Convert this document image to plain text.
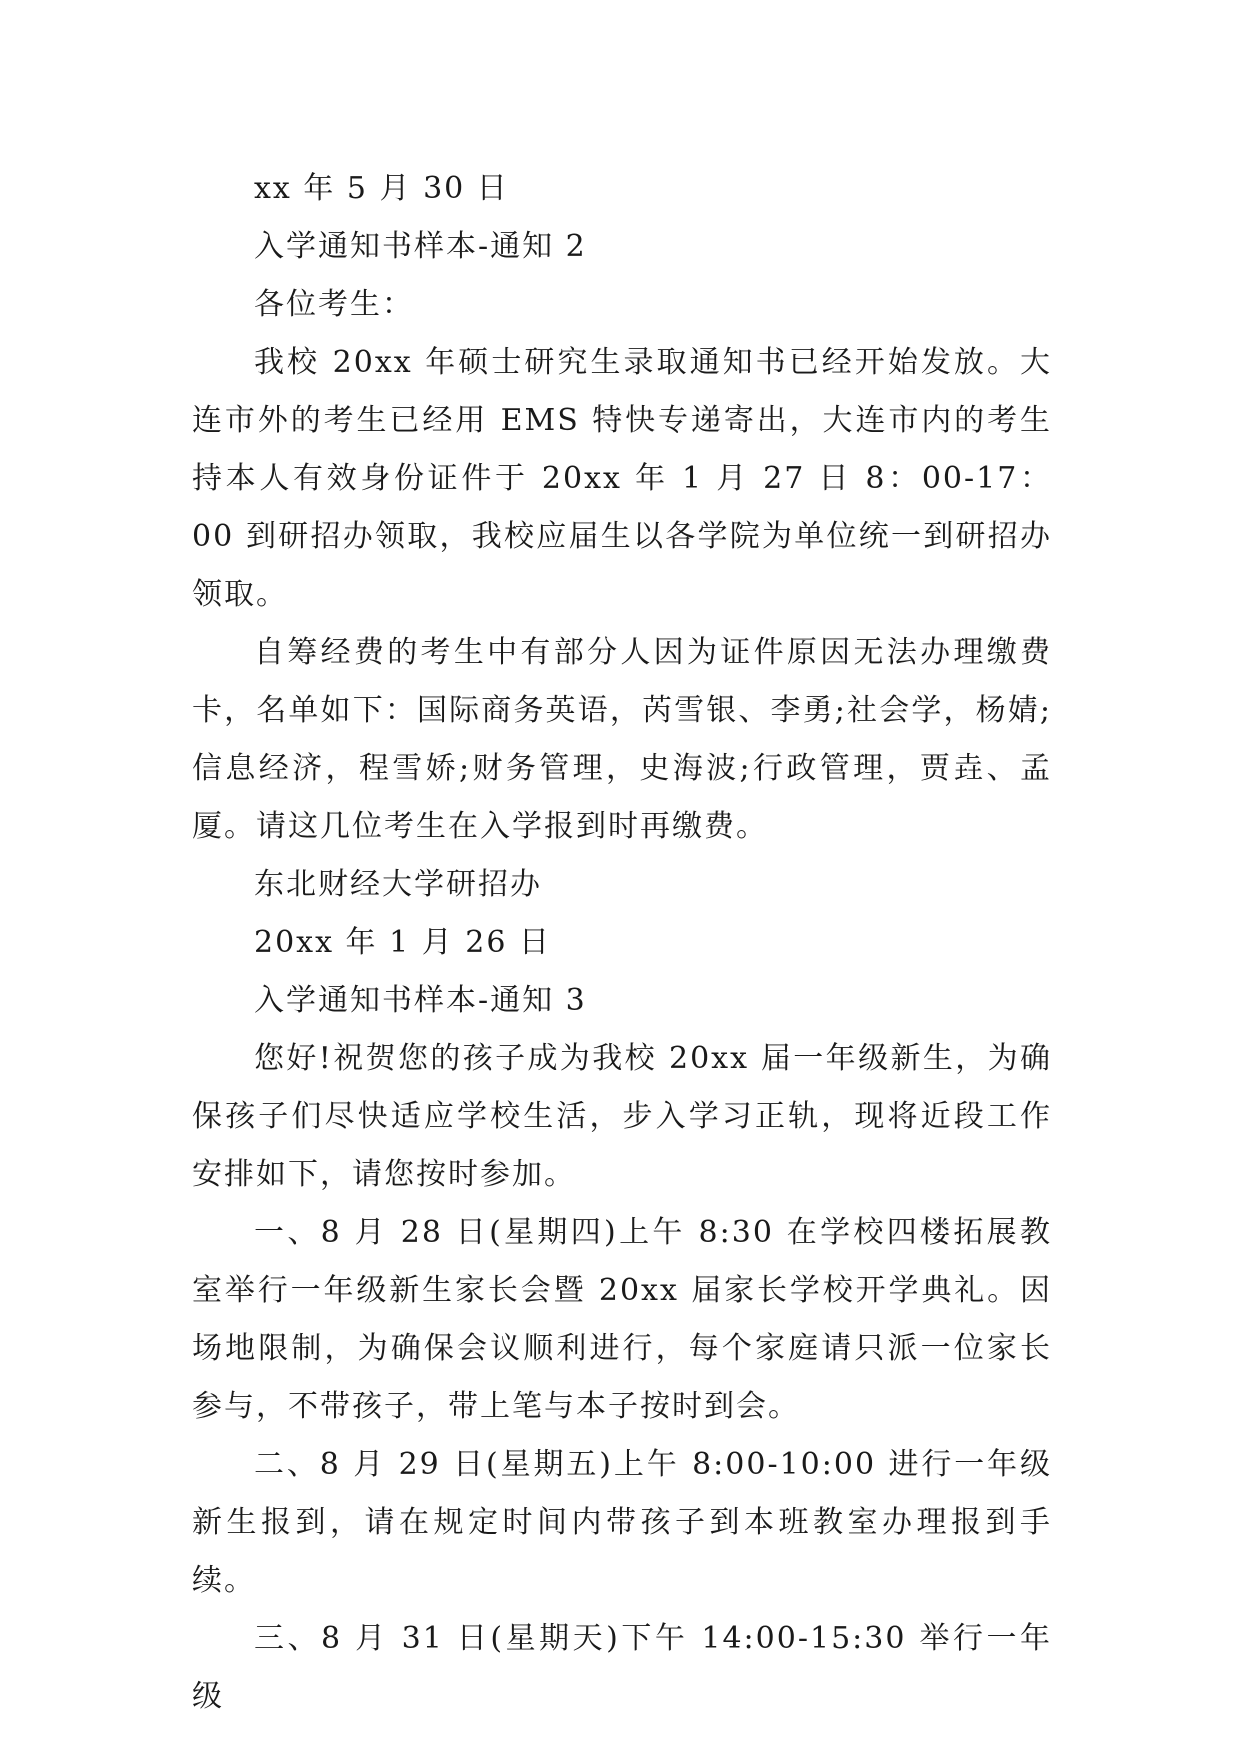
xx 年 5 月 30 日

入学通知书样本-通知 2

各位考生：

我校 20xx 年硕士研究生录取通知书已经开始发放。大连市外的考生已经用 EMS 特快专递寄出，大连市内的考生持本人有效身份证件于 20xx 年 1 月 27 日 8：00-17：00 到研招办领取，我校应届生以各学院为单位统一到研招办领取。

自筹经费的考生中有部分人因为证件原因无法办理缴费卡，名单如下：国际商务英语，芮雪银、李勇;社会学，杨婧;信息经济，程雪娇;财务管理，史海波;行政管理，贾垚、孟厦。请这几位考生在入学报到时再缴费。

东北财经大学研招办

20xx 年 1 月 26 日

入学通知书样本-通知 3

您好!祝贺您的孩子成为我校 20xx 届一年级新生，为确保孩子们尽快适应学校生活，步入学习正轨，现将近段工作安排如下，请您按时参加。

一、8 月 28 日(星期四)上午 8:30 在学校四楼拓展教室举行一年级新生家长会暨 20xx 届家长学校开学典礼。因场地限制，为确保会议顺利进行，每个家庭请只派一位家长参与，不带孩子，带上笔与本子按时到会。

二、8 月 29 日(星期五)上午 8:00-10:00 进行一年级新生报到，请在规定时间内带孩子到本班教室办理报到手续。

三、8 月 31 日(星期天)下午 14:00-15:30 举行一年级
